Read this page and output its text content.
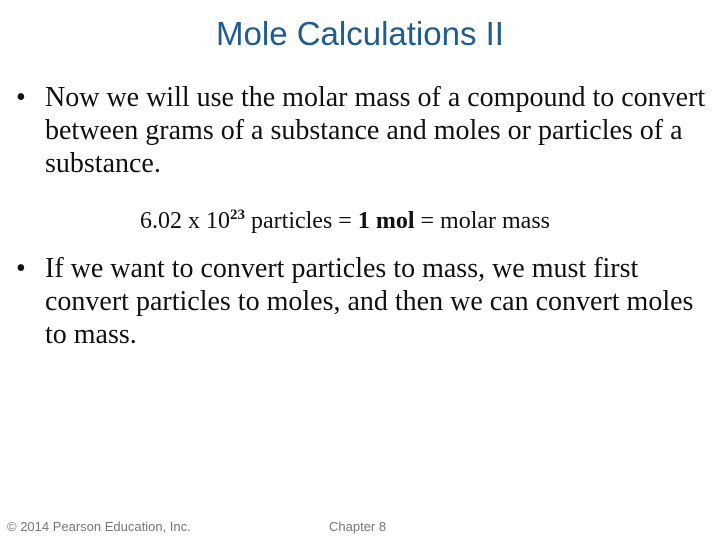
Mole Calculations II
• Now we will use the molar mass of a compound to convert between grams of a substance and moles or particles of a substance.
6.02 x $10^{23}$ particles = 1 mol = molar mass
• If we want to convert particles to mass, we must first convert particles to moles, and then we can convert moles to mass.
© 2014 Pearson Education, Inc.	Chapter 8
